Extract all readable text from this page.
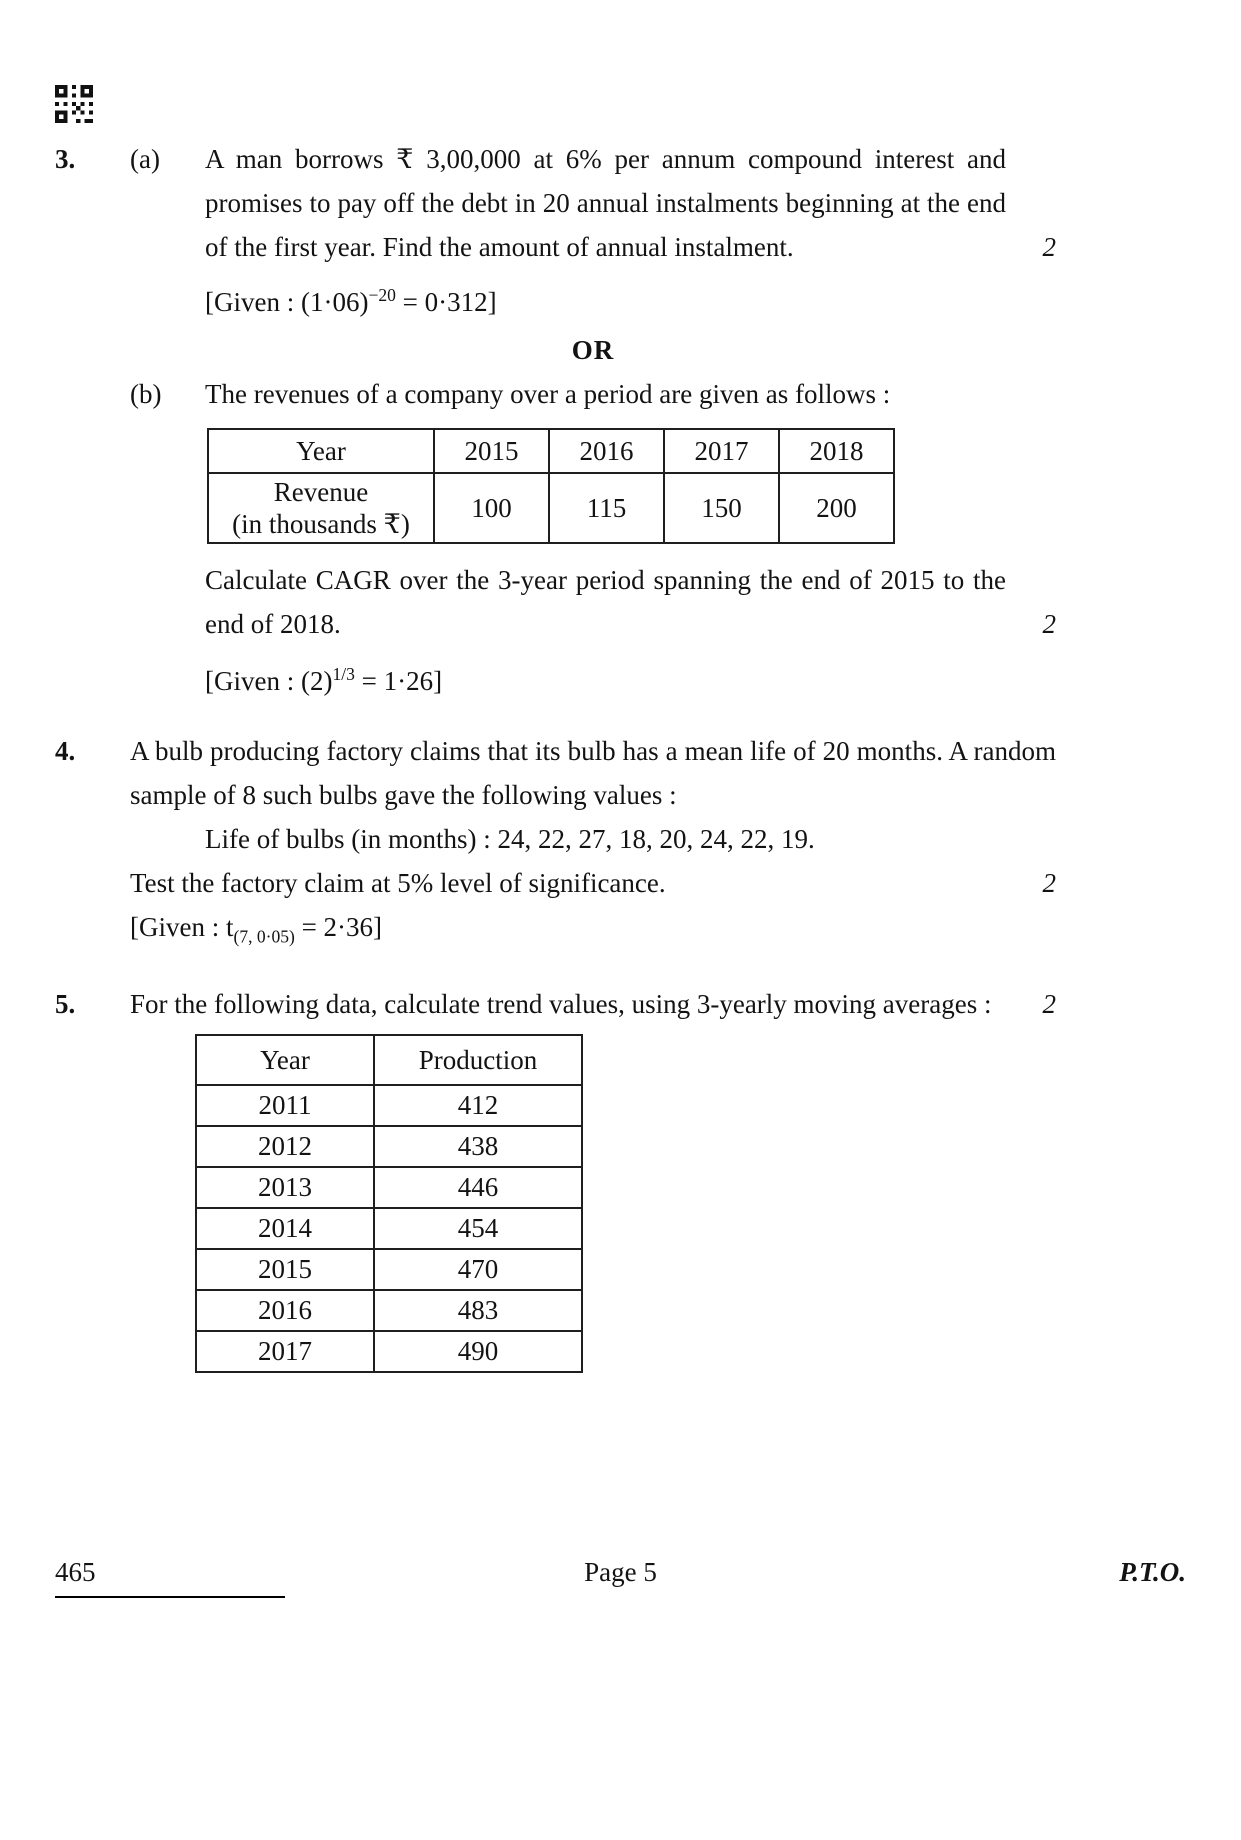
3.	(a)	A man borrows ₹ 3,00,000 at 6% per annum compound interest and promises to pay off the debt in 20 annual instalments beginning at the end of the first year. Find the amount of annual instalment.	2

[Given : $(1\cdot 06)^{-20} = 0\cdot 312$]

OR
(b)	The revenues of a company over a period are given as follows :

Year	2015	2016	2017	2018
Revenue
(in thousands ₹)	100	115	150	200

Calculate CAGR over the 3-year period spanning the end of 2015 to the end of 2018.	2

[Given : $(2)^{1/3} = 1\cdot 26$]

4.	A bulb producing factory claims that its bulb has a mean life of 20 months. A random sample of 8 such bulbs gave the following values :

Life of bulbs (in months) : 24, 22, 27, 18, 20, 24, 22, 19.

Test the factory claim at 5% level of significance.	2

[Given : $t_{(7, 0\cdot 05)} = 2\cdot 36$]

5.	For the following data, calculate trend values, using 3-yearly moving averages :	2
Year	Production
2011	412
2012	438
2013	446
2014	454
2015	470
2016	483
2017	490
465	Page 5	P.T.O.
